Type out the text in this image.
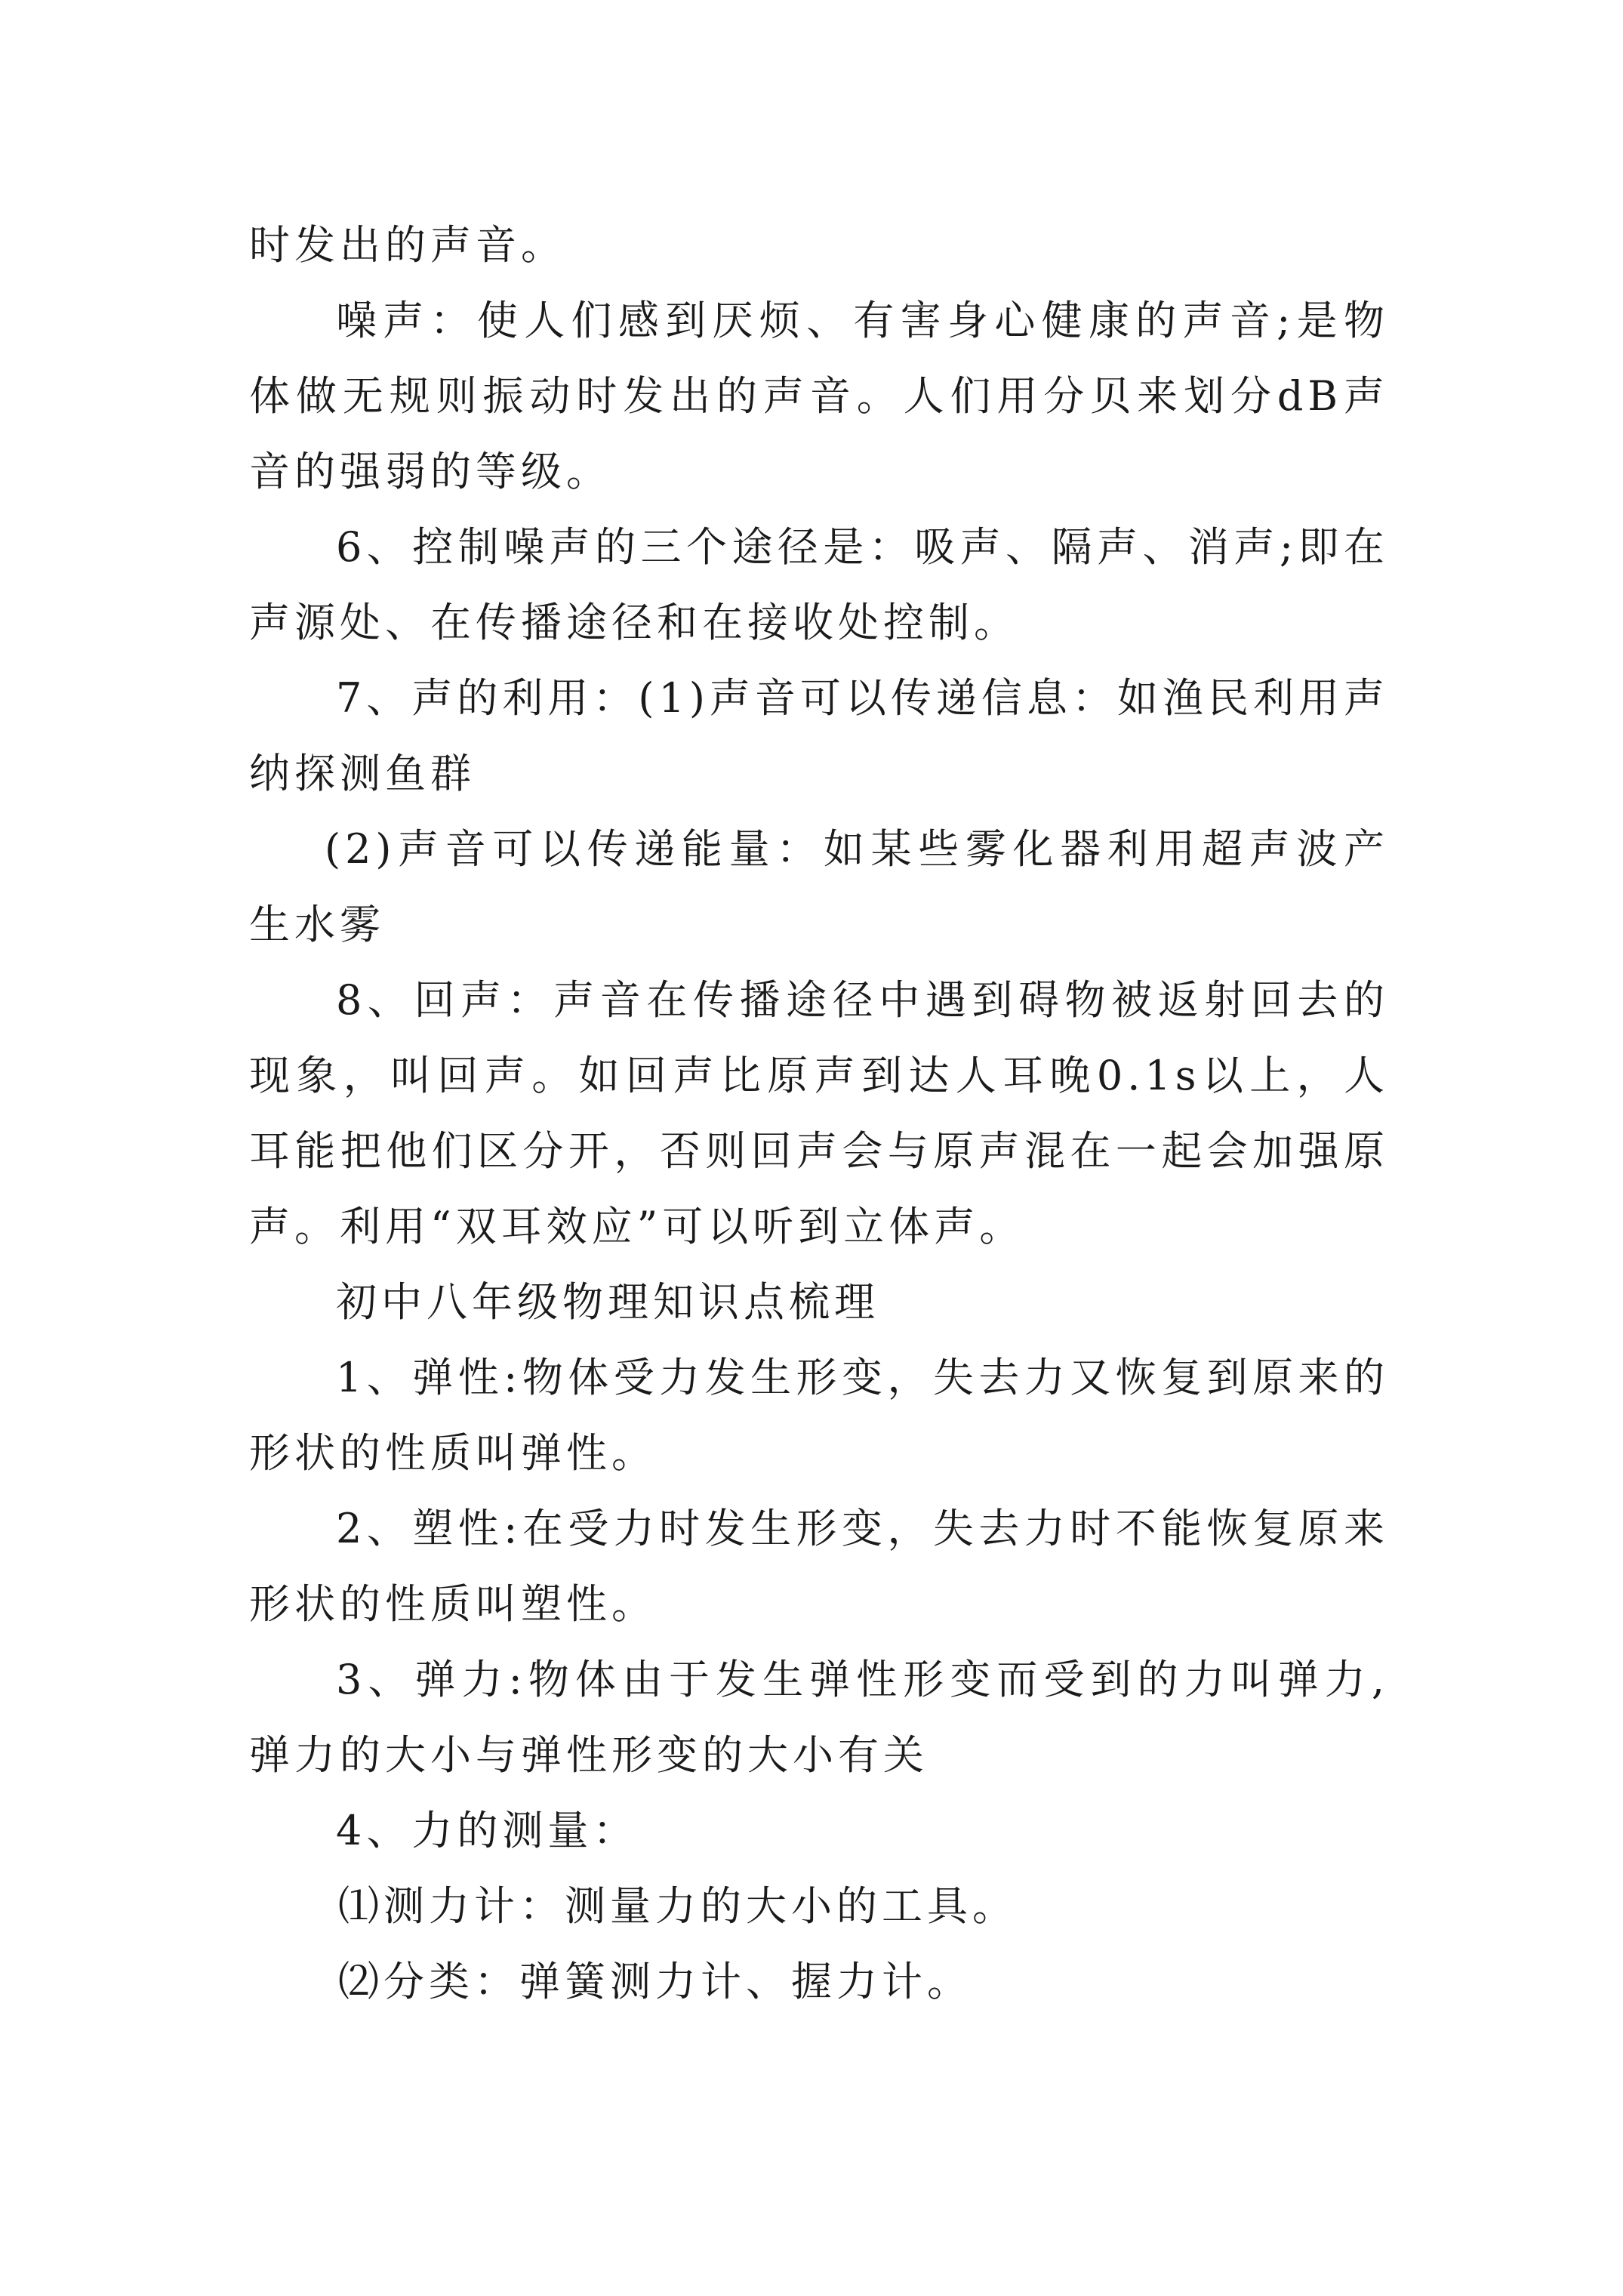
时发出的声音。

噪声：使人们感到厌烦、有害身心健康的声音;是物体做无规则振动时发出的声音。人们用分贝来划分dB声音的强弱的等级。

6、控制噪声的三个途径是：吸声、隔声、消声;即在声源处、在传播途径和在接收处控制。

7、声的利用：(1)声音可以传递信息：如渔民利用声纳探测鱼群

(2)声音可以传递能量：如某些雾化器利用超声波产生水雾

8、回声：声音在传播途径中遇到碍物被返射回去的现象，叫回声。如回声比原声到达人耳晚0.1s以上，人耳能把他们区分开，否则回声会与原声混在一起会加强原声。利用“双耳效应”可以听到立体声。

初中八年级物理知识点梳理

1、弹性:物体受力发生形变，失去力又恢复到原来的形状的性质叫弹性。

2、塑性:在受力时发生形变，失去力时不能恢复原来形状的性质叫塑性。

3、弹力:物体由于发生弹性形变而受到的力叫弹力,弹力的大小与弹性形变的大小有关

4、力的测量：

⑴测力计：测量力的大小的工具。

⑵分类：弹簧测力计、握力计。
